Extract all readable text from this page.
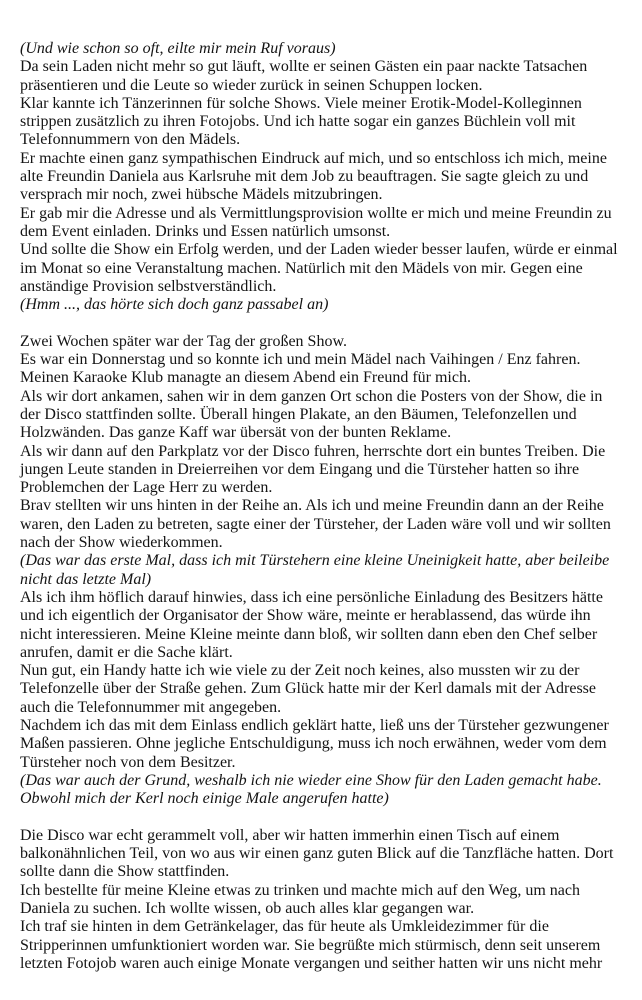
(Und wie schon so oft, eilte mir mein Ruf voraus)

Da sein Laden nicht mehr so gut läuft, wollte er seinen Gästen ein paar nackte Tatsachen präsentieren und die Leute so wieder zurück in seinen Schuppen locken.

Klar kannte ich Tänzerinnen für solche Shows. Viele meiner Erotik-Model-Kolleginnen strippen zusätzlich zu ihren Fotojobs. Und ich hatte sogar ein ganzes Büchlein voll mit Telefonnummern von den Mädels.

Er machte einen ganz sympathischen Eindruck auf mich, und so entschloss ich mich, meine alte Freundin Daniela aus Karlsruhe mit dem Job zu beauftragen. Sie sagte gleich zu und versprach mir noch, zwei hübsche Mädels mitzubringen.

Er gab mir die Adresse und als Vermittlungsprovision wollte er mich und meine Freundin zu dem Event einladen. Drinks und Essen natürlich umsonst.

Und sollte die Show ein Erfolg werden, und der Laden wieder besser laufen, würde er einmal im Monat so eine Veranstaltung machen. Natürlich mit den Mädels von mir. Gegen eine anständige Provision selbstverständlich.

(Hmm ..., das hörte sich doch ganz passabel an)

Zwei Wochen später war der Tag der großen Show.

Es war ein Donnerstag und so konnte ich und mein Mädel nach Vaihingen / Enz fahren. Meinen Karaoke Klub managte an diesem Abend ein Freund für mich.

Als wir dort ankamen, sahen wir in dem ganzen Ort schon die Posters von der Show, die in der Disco stattfinden sollte. Überall hingen Plakate, an den Bäumen, Telefonzellen und Holzwänden. Das ganze Kaff war übersät von der bunten Reklame.

Als wir dann auf den Parkplatz vor der Disco fuhren, herrschte dort ein buntes Treiben. Die jungen Leute standen in Dreierreihen vor dem Eingang und die Türsteher hatten so ihre Problemchen der Lage Herr zu werden.

Brav stellten wir uns hinten in der Reihe an. Als ich und meine Freundin dann an der Reihe waren, den Laden zu betreten, sagte einer der Türsteher, der Laden wäre voll und wir sollten nach der Show wiederkommen.

(Das war das erste Mal, dass ich mit Türstehern eine kleine Uneinigkeit hatte, aber beileibe nicht das letzte Mal)

Als ich ihm höflich darauf hinwies, dass ich eine persönliche Einladung des Besitzers hätte und ich eigentlich der Organisator der Show wäre, meinte er herablassend, das würde ihn nicht interessieren. Meine Kleine meinte dann bloß, wir sollten dann eben den Chef selber anrufen, damit er die Sache klärt.

Nun gut, ein Handy hatte ich wie viele zu der Zeit noch keines, also mussten wir zu der Telefonzelle über der Straße gehen. Zum Glück hatte mir der Kerl damals mit der Adresse auch die Telefonnummer mit angegeben.

Nachdem ich das mit dem Einlass endlich geklärt hatte, ließ uns der Türsteher gezwungener Maßen passieren. Ohne jegliche Entschuldigung, muss ich noch erwähnen, weder vom dem Türsteher noch von dem Besitzer.

(Das war auch der Grund, weshalb ich nie wieder eine Show für den Laden gemacht habe. Obwohl mich der Kerl noch einige Male angerufen hatte)

Die Disco war echt gerammelt voll, aber wir hatten immerhin einen Tisch auf einem balkonähnlichen Teil, von wo aus wir einen ganz guten Blick auf die Tanzfläche hatten. Dort sollte dann die Show stattfinden.

Ich bestellte für meine Kleine etwas zu trinken und machte mich auf den Weg, um nach Daniela zu suchen. Ich wollte wissen, ob auch alles klar gegangen war.

Ich traf sie hinten in dem Getränkelager, das für heute als Umkleidezimmer für die Stripperinnen umfunktioniert worden war. Sie begrüßte mich stürmisch, denn seit unserem letzten Fotojob waren auch einige Monate vergangen und seither hatten wir uns nicht mehr
